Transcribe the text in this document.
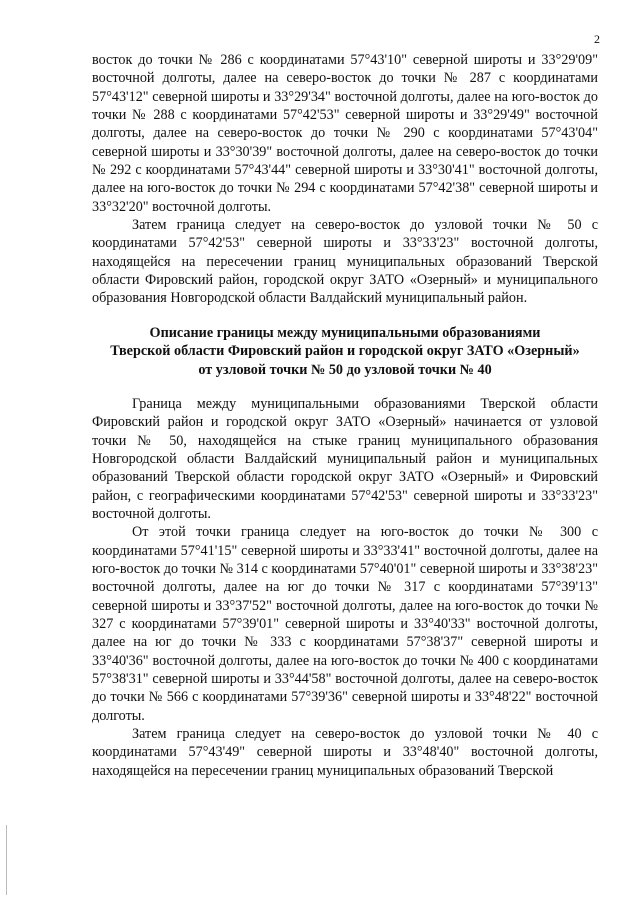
2

восток до точки № 286 с координатами 57°43'10" северной широты и 33°29'09" восточной долготы, далее на северо-восток до точки № 287 с координатами 57°43'12" северной широты и 33°29'34" восточной долготы, далее на юго-восток до точки № 288 с координатами 57°42'53" северной широты и 33°29'49" восточной долготы, далее на северо-восток до точки № 290 с координатами 57°43'04" северной широты и 33°30'39" восточной долготы, далее на северо-восток до точки № 292 с координатами 57°43'44" северной широты и 33°30'41" восточной долготы, далее на юго-восток до точки № 294 с координатами 57°42'38" северной широты и 33°32'20" восточной долготы.

Затем граница следует на северо-восток до узловой точки № 50 с координатами 57°42'53" северной широты и 33°33'23" восточной долготы, находящейся на пересечении границ муниципальных образований Тверской области Фировский район, городской округ ЗАТО «Озерный» и муниципального образования Новгородской области Валдайский муниципальный район.

Описание границы между муниципальными образованиями
Тверской области Фировский район и городской округ ЗАТО «Озерный»
от узловой точки № 50 до узловой точки № 40

Граница между муниципальными образованиями Тверской области Фировский район и городской округ ЗАТО «Озерный» начинается от узловой точки № 50, находящейся на стыке границ муниципального образования Новгородской области Валдайский муниципальный район и муниципальных образований Тверской области городской округ ЗАТО «Озерный» и Фировский район, с географическими координатами 57°42'53" северной широты и 33°33'23" восточной долготы.

От этой точки граница следует на юго-восток до точки № 300 с координатами 57°41'15" северной широты и 33°33'41" восточной долготы, далее на юго-восток до точки № 314 с координатами 57°40'01" северной широты и 33°38'23" восточной долготы, далее на юг до точки № 317 с координатами 57°39'13" северной широты и 33°37'52" восточной долготы, далее на юго-восток до точки № 327 с координатами 57°39'01" северной широты и 33°40'33" восточной долготы, далее на юг до точки № 333 с координатами 57°38'37" северной широты и 33°40'36" восточной долготы, далее на юго-восток до точки № 400 с координатами 57°38'31" северной широты и 33°44'58" восточной долготы, далее на северо-восток до точки № 566 с координатами 57°39'36" северной широты и 33°48'22" восточной долготы.

Затем граница следует на северо-восток до узловой точки № 40 с координатами 57°43'49" северной широты и 33°48'40" восточной долготы, находящейся на пересечении границ муниципальных образований Тверской
